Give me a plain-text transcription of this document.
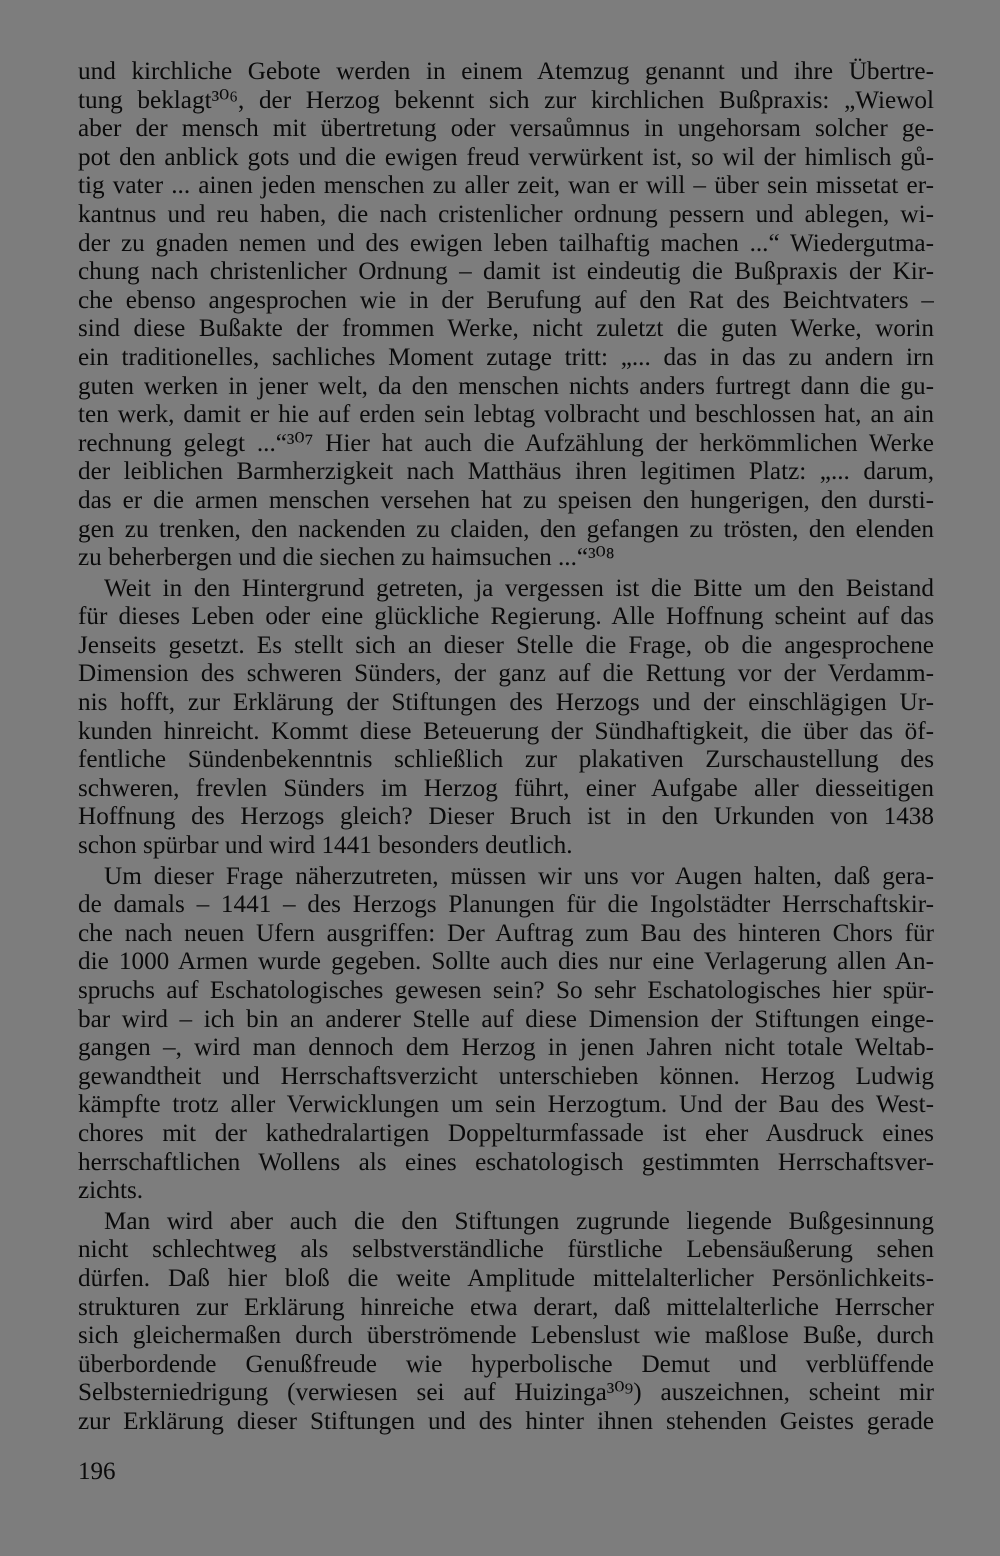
und kirchliche Gebote werden in einem Atemzug genannt und ihre Übertre-
tung beklagt³⁰⁶, der Herzog bekennt sich zur kirchlichen Bußpraxis: „Wiewol
aber der mensch mit übertretung oder versaůmnus in ungehorsam solcher ge-
pot den anblick gots und die ewigen freud verwürkent ist, so wil der himlisch gů-
tig vater ... ainen jeden menschen zu aller zeit, wan er will – über sein missetat er-
kantnus und reu haben, die nach cristenlicher ordnung pessern und ablegen, wi-
der zu gnaden nemen und des ewigen leben tailhaftig machen ...“ Wiedergutma-
chung nach christenlicher Ordnung – damit ist eindeutig die Bußpraxis der Kir-
che ebenso angesprochen wie in der Berufung auf den Rat des Beichtvaters –
sind diese Bußakte der frommen Werke, nicht zuletzt die guten Werke, worin
ein traditionelles, sachliches Moment zutage tritt: „... das in das zu andern irn
guten werken in jener welt, da den menschen nichts anders furtregt dann die gu-
ten werk, damit er hie auf erden sein lebtag volbracht und beschlossen hat, an ain
rechnung gelegt ...“³⁰⁷ Hier hat auch die Aufzählung der herkömmlichen Werke
der leiblichen Barmherzigkeit nach Matthäus ihren legitimen Platz: „... darum,
das er die armen menschen versehen hat zu speisen den hungerigen, den dursti-
gen zu trenken, den nackenden zu claiden, den gefangen zu trösten, den elenden
zu beherbergen und die siechen zu haimsuchen ...“³⁰⁸
Weit in den Hintergrund getreten, ja vergessen ist die Bitte um den Beistand
für dieses Leben oder eine glückliche Regierung. Alle Hoffnung scheint auf das
Jenseits gesetzt. Es stellt sich an dieser Stelle die Frage, ob die angesprochene
Dimension des schweren Sünders, der ganz auf die Rettung vor der Verdamm-
nis hofft, zur Erklärung der Stiftungen des Herzogs und der einschlägigen Ur-
kunden hinreicht. Kommt diese Beteuerung der Sündhaftigkeit, die über das öf-
fentliche Sündenbekenntnis schließlich zur plakativen Zurschaustellung des
schweren, frevlen Sünders im Herzog führt, einer Aufgabe aller diesseitigen
Hoffnung des Herzogs gleich? Dieser Bruch ist in den Urkunden von 1438
schon spürbar und wird 1441 besonders deutlich.
Um dieser Frage näherzutreten, müssen wir uns vor Augen halten, daß gera-
de damals – 1441 – des Herzogs Planungen für die Ingolstädter Herrschaftskir-
che nach neuen Ufern ausgriffen: Der Auftrag zum Bau des hinteren Chors für
die 1000 Armen wurde gegeben. Sollte auch dies nur eine Verlagerung allen An-
spruchs auf Eschatologisches gewesen sein? So sehr Eschatologisches hier spür-
bar wird – ich bin an anderer Stelle auf diese Dimension der Stiftungen einge-
gangen –, wird man dennoch dem Herzog in jenen Jahren nicht totale Weltab-
gewandtheit und Herrschaftsverzicht unterschieben können. Herzog Ludwig
kämpfte trotz aller Verwicklungen um sein Herzogtum. Und der Bau des West-
chores mit der kathedralartigen Doppelturmfassade ist eher Ausdruck eines
herrschaftlichen Wollens als eines eschatologisch gestimmten Herrschaftsver-
zichts.
Man wird aber auch die den Stiftungen zugrunde liegende Bußgesinnung
nicht schlechtweg als selbstverständliche fürstliche Lebensäußerung sehen
dürfen. Daß hier bloß die weite Amplitude mittelalterlicher Persönlichkeits-
strukturen zur Erklärung hinreiche etwa derart, daß mittelalterliche Herrscher
sich gleichermaßen durch überströmende Lebenslust wie maßlose Buße, durch
überbordende Genußfreude wie hyperbolische Demut und verblüffende
Selbsterniedrigung (verwiesen sei auf Huizinga³⁰⁹) auszeichnen, scheint mir
zur Erklärung dieser Stiftungen und des hinter ihnen stehenden Geistes gerade
196
